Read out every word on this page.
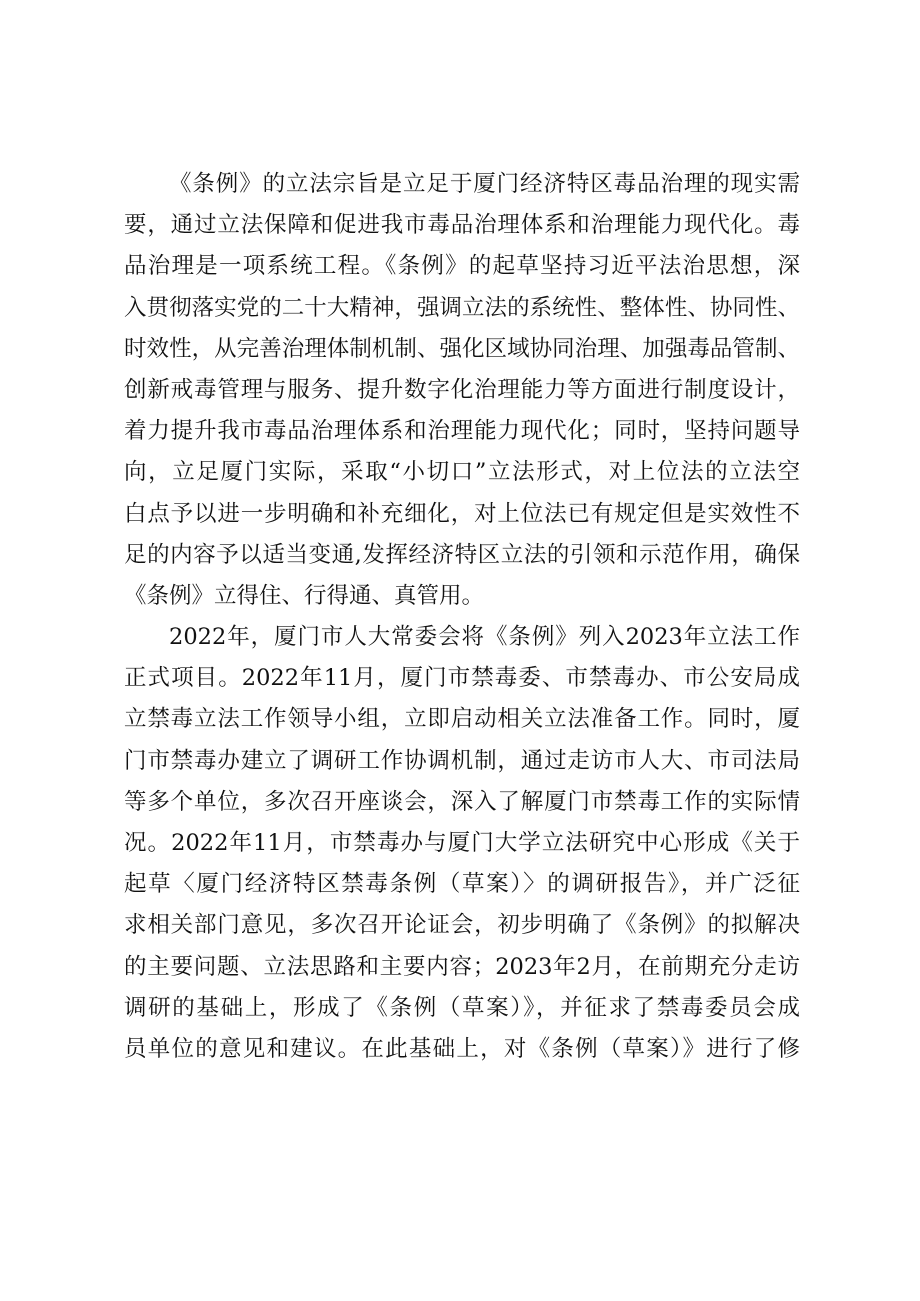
《条例》的立法宗旨是立足于厦门经济特区毒品治理的现实需
要，通过立法保障和促进我市毒品治理体系和治理能力现代化。毒
品治理是一项系统工程。《条例》的起草坚持习近平法治思想，深
入贯彻落实党的二十大精神，强调立法的系统性、整体性、协同性、
时效性，从完善治理体制机制、强化区域协同治理、加强毒品管制、
创新戒毒管理与服务、提升数字化治理能力等方面进行制度设计，
着力提升我市毒品治理体系和治理能力现代化；同时，坚持问题导
向，立足厦门实际，采取“小切口”立法形式，对上位法的立法空
白点予以进一步明确和补充细化，对上位法已有规定但是实效性不
足的内容予以适当变通,发挥经济特区立法的引领和示范作用，确保
《条例》立得住、行得通、真管用。
2022年，厦门市人大常委会将《条例》列入2023年立法工作
正式项目。2022年11月，厦门市禁毒委、市禁毒办、市公安局成
立禁毒立法工作领导小组，立即启动相关立法准备工作。同时，厦
门市禁毒办建立了调研工作协调机制，通过走访市人大、市司法局
等多个单位，多次召开座谈会，深入了解厦门市禁毒工作的实际情
况。2022年11月，市禁毒办与厦门大学立法研究中心形成《关于
起草〈厦门经济特区禁毒条例（草案）〉的调研报告》，并广泛征
求相关部门意见，多次召开论证会，初步明确了《条例》的拟解决
的主要问题、立法思路和主要内容；2023年2月，在前期充分走访
调研的基础上，形成了《条例（草案）》，并征求了禁毒委员会成
员单位的意见和建议。在此基础上，对《条例（草案）》进行了修
